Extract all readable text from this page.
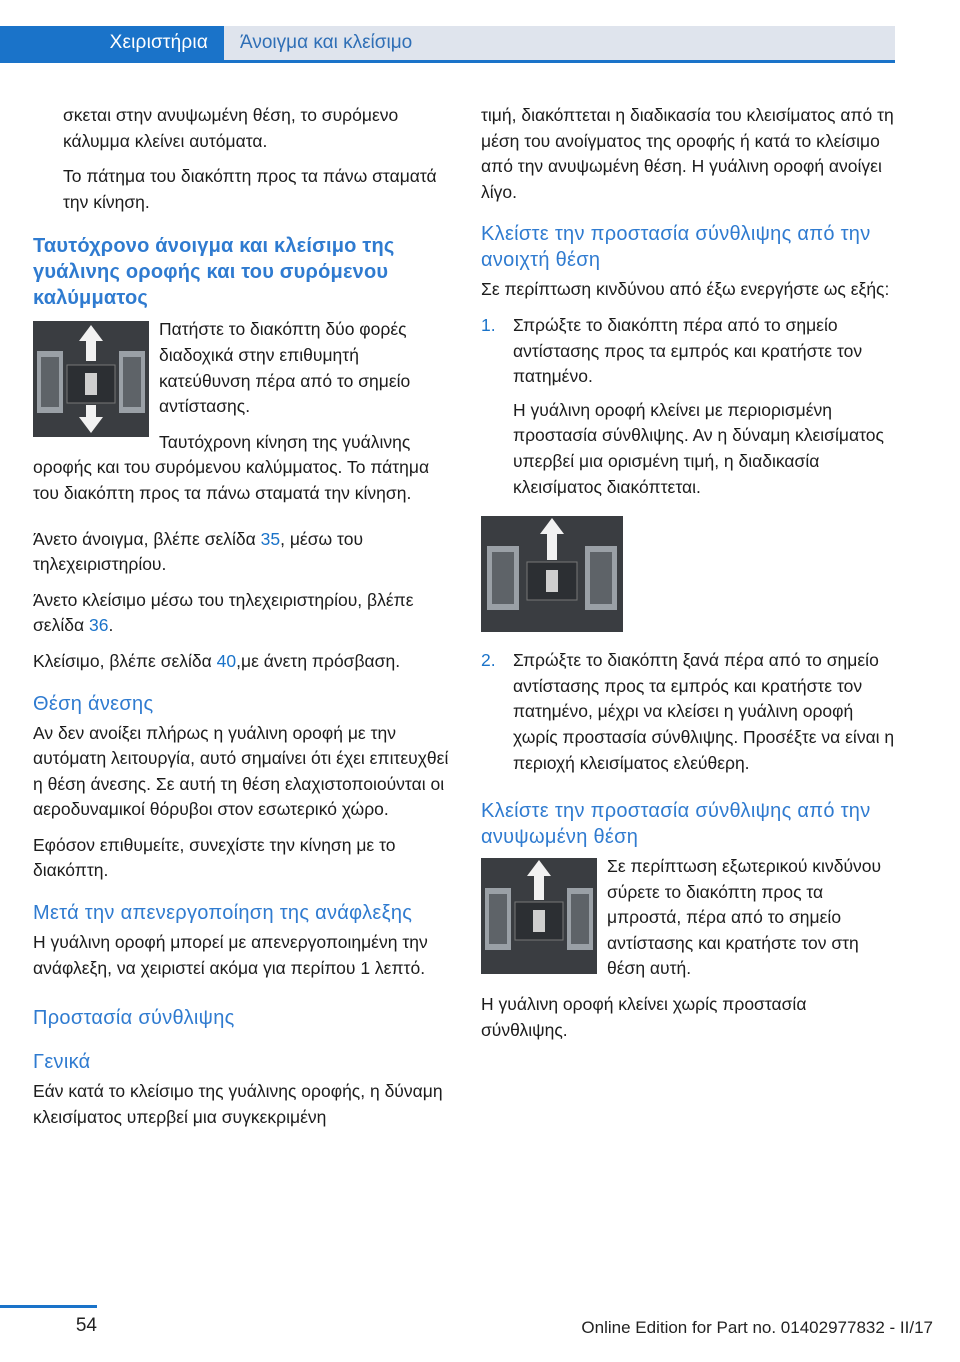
Χειριστήρια	Άνοιγμα και κλείσιμο

σκεται στην ανυψωμένη θέση, το συρόμενο κάλυμμα κλείνει αυτόματα.

Το πάτημα του διακόπτη προς τα πάνω σταματά την κίνηση.

Ταυτόχρονο άνοιγμα και κλείσιμο της γυάλινης οροφής και του συρόμενου καλύμματος

Πατήστε το διακόπτη δύο φορές διαδοχικά στην επιθυμητή κατεύθυνση πέρα από το σημείο αντίστασης.

Ταυτόχρονη κίνηση της γυάλινης οροφής και του συρόμενου καλύμματος. Το πάτημα του διακόπτη προς τα πάνω σταματά την κίνηση.

Άνετο άνοιγμα, βλέπε σελίδα 35, μέσω του τηλεχειριστηρίου.

Άνετο κλείσιμο μέσω του τηλεχειριστηρίου, βλέπε σελίδα 36.

Κλείσιμο, βλέπε σελίδα 40,με άνετη πρόσβαση.

Θέση άνεσης

Αν δεν ανοίξει πλήρως η γυάλινη οροφή με την αυτόματη λειτουργία, αυτό σημαίνει ότι έχει επιτευχθεί η θέση άνεσης. Σε αυτή τη θέση ελαχιστοποιούνται οι αεροδυναμικοί θόρυβοι στον εσωτερικό χώρο.

Εφόσον επιθυμείτε, συνεχίστε την κίνηση με το διακόπτη.

Μετά την απενεργοποίηση της ανάφλεξης

Η γυάλινη οροφή μπορεί με απενεργοποιημένη την ανάφλεξη, να χειριστεί ακόμα για περίπου 1 λεπτό.

Προστασία σύνθλιψης
Γενικά

Εάν κατά το κλείσιμο της γυάλινης οροφής, η δύναμη κλεισίματος υπερβεί μια συγκεκριμένη

τιμή, διακόπτεται η διαδικασία του κλεισίματος από τη μέση του ανοίγματος της οροφής ή κατά το κλείσιμο από την ανυψωμένη θέση. Η γυάλινη οροφή ανοίγει λίγο.

Κλείστε την προστασία σύνθλιψης από την ανοιχτή θέση

Σε περίπτωση κινδύνου από έξω ενεργήστε ως εξής:

1. Σπρώξτε το διακόπτη πέρα από το σημείο αντίστασης προς τα εμπρός και κρατήστε τον πατημένο.

Η γυάλινη οροφή κλείνει με περιορισμένη προστασία σύνθλιψης. Αν η δύναμη κλεισίματος υπερβεί μια ορισμένη τιμή, η διαδικασία κλεισίματος διακόπτεται.

2. Σπρώξτε το διακόπτη ξανά πέρα από το σημείο αντίστασης προς τα εμπρός και κρατήστε τον πατημένο, μέχρι να κλείσει η γυάλινη οροφή χωρίς προστασία σύνθλιψης. Προσέξτε να είναι η περιοχή κλεισίματος ελεύθερη.
Κλείστε την προστασία σύνθλιψης από την ανυψωμένη θέση

Σε περίπτωση εξωτερικού κινδύνου σύρετε το διακόπτη προς τα μπροστά, πέρα από το σημείο αντίστασης και κρατήστε τον στη θέση αυτή.

Η γυάλινη οροφή κλείνει χωρίς προστασία σύνθλιψης.

54	Online Edition for Part no. 01402977832 - II/17
